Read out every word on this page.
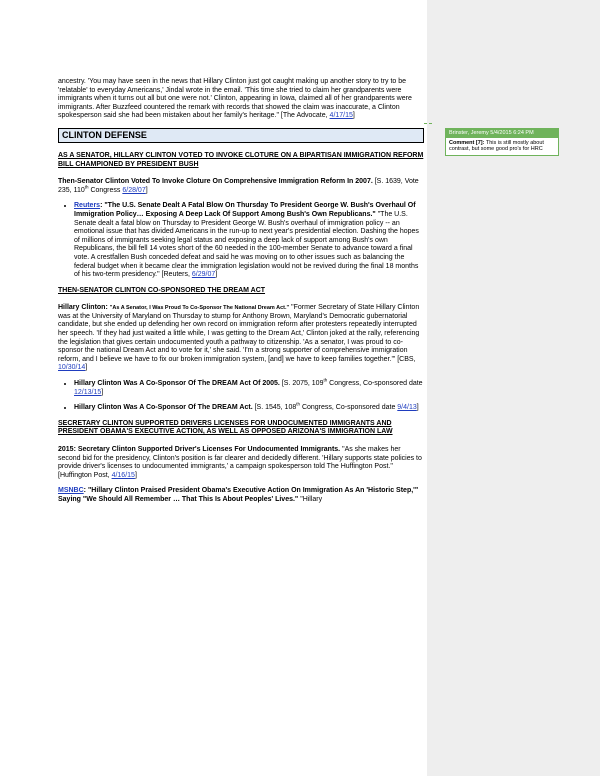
ancestry. 'You may have seen in the news that Hillary Clinton just got caught making up another story to try to be 'relatable' to everyday Americans,' Jindal wrote in the email. 'This time she tried to claim her grandparents were immigrants when it turns out all but one were not.' Clinton, appearing in Iowa, claimed all of her grandparents were immigrants. After Buzzfeed countered the remark with records that showed the claim was inaccurate, a Clinton spokesperson said she had been mistaken about her family's heritage." [The Advocate, 4/17/15]

CLINTON DEFENSE

AS A SENATOR, HILLARY CLINTON VOTED TO INVOKE CLOTURE ON A BIPARTISAN IMMIGRATION REFORM BILL CHAMPIONED BY PRESIDENT BUSH

Then-Senator Clinton Voted To Invoke Cloture On Comprehensive Immigration Reform In 2007. [S. 1639, Vote 235, 110th Congress 6/28/07]

• Reuters: "The U.S. Senate Dealt A Fatal Blow On Thursday To President George W. Bush's Overhaul Of Immigration Policy… Exposing A Deep Lack Of Support Among Bush's Own Republicans." "The U.S. Senate dealt a fatal blow on Thursday to President George W. Bush's overhaul of immigration policy -- an emotional issue that has divided Americans in the run-up to next year's presidential election. Dashing the hopes of millions of immigrants seeking legal status and exposing a deep lack of support among Bush's own Republicans, the bill fell 14 votes short of the 60 needed in the 100-member Senate to advance toward a final vote. A crestfallen Bush conceded defeat and said he was moving on to other issues such as balancing the federal budget when it became clear the immigration legislation would not be revived during the final 18 months of his two-term presidency." [Reuters, 6/29/07]

THEN-SENATOR CLINTON CO-SPONSORED THE DREAM ACT

Hillary Clinton: "As A Senator, I Was Proud To Co-Sponsor The National Dream Act." "Former Secretary of State Hillary Clinton was at the University of Maryland on Thursday to stump for Anthony Brown, Maryland's Democratic gubernatorial candidate, but she ended up defending her own record on immigration reform after protesters repeatedly interrupted her speech. 'If they had just waited a little while, I was getting to the Dream Act,' Clinton joked at the rally, referencing the legislation that gives certain undocumented youth a pathway to citizenship. 'As a senator, I was proud to co-sponsor the national Dream Act and to vote for it,' she said. 'I'm a strong supporter of comprehensive immigration reform, and I believe we have to fix our broken immigration system, [and] we have to keep families together.'" [CBS, 10/30/14]

• Hillary Clinton Was A Co-Sponsor Of The DREAM Act Of 2005. [S. 2075, 109th Congress, Co-sponsored date 12/13/15]
• Hillary Clinton Was A Co-Sponsor Of The DREAM Act. [S. 1545, 108th Congress, Co-sponsored date 9/4/13]

SECRETARY CLINTON SUPPORTED DRIVERS LICENSES FOR UNDOCUMENTED IMMIGRANTS AND PRESIDENT OBAMA'S EXECUTIVE ACTION, AS WELL AS OPPOSED ARIZONA'S IMMIGRATION LAW

2015: Secretary Clinton Supported Driver's Licenses For Undocumented Immigrants. "As she makes her second bid for the presidency, Clinton's position is far clearer and decidedly different. 'Hillary supports state policies to provide driver's licenses to undocumented immigrants,' a campaign spokesperson told The Huffington Post." [Huffington Post, 4/16/15]

MSNBC: "Hillary Clinton Praised President Obama's Executive Action On Immigration As An 'Historic Step,'" Saying "We Should All Remember … That This Is About Peoples' Lives." "Hillary

Brinster, Jeremy 5/4/2015 6:24 PM
Comment [7]: This is still mostly about contrast, but some good pro's for HRC
